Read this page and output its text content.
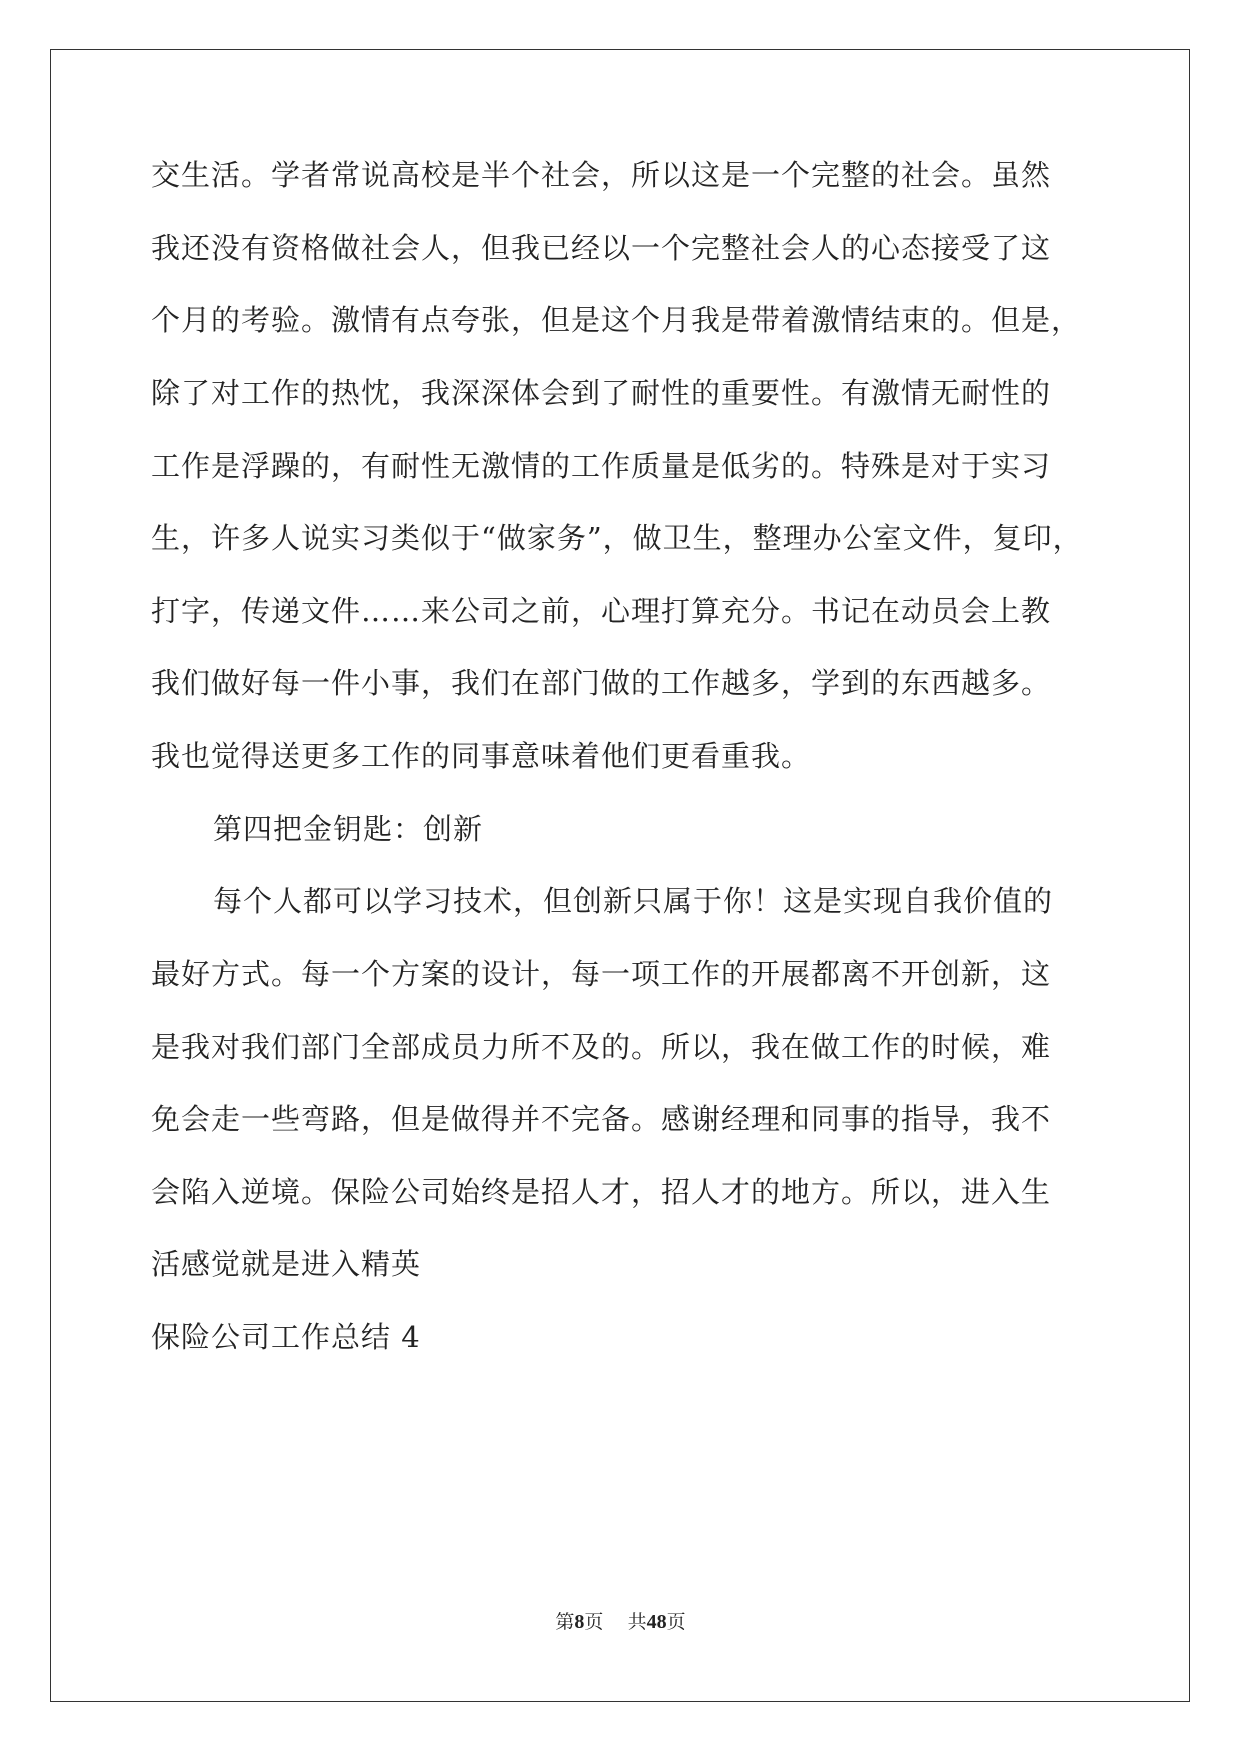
交生活。学者常说高校是半个社会，所以这是一个完整的社会。虽然
我还没有资格做社会人，但我已经以一个完整社会人的心态接受了这
个月的考验。激情有点夸张，但是这个月我是带着激情结束的。但是，
除了对工作的热忱，我深深体会到了耐性的重要性。有激情无耐性的
工作是浮躁的，有耐性无激情的工作质量是低劣的。特殊是对于实习
生，许多人说实习类似于“做家务”，做卫生，整理办公室文件，复印，
打字，传递文件……来公司之前，心理打算充分。书记在动员会上教
我们做好每一件小事，我们在部门做的工作越多，学到的东西越多。
我也觉得送更多工作的同事意味着他们更看重我。
第四把金钥匙：创新
每个人都可以学习技术，但创新只属于你！这是实现自我价值的
最好方式。每一个方案的设计，每一项工作的开展都离不开创新，这
是我对我们部门全部成员力所不及的。所以，我在做工作的时候，难
免会走一些弯路，但是做得并不完备。感谢经理和同事的指导，我不
会陷入逆境。保险公司始终是招人才，招人才的地方。所以，进入生
活感觉就是进入精英
保险公司工作总结 4
第8页 共48页
